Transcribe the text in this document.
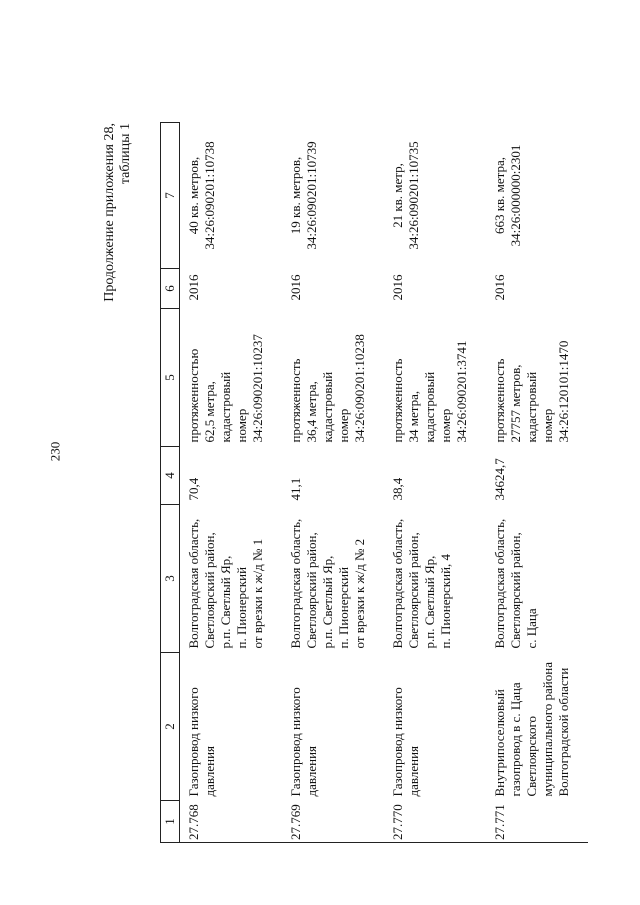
230
Продолжение приложения 28, таблицы 1
1	2	3	4	5	6	7
27.768	Газопровод низкого давления	Волгоградская область, Светлоярский район, р.п. Светлый Яр, п. Пионерский от врезки к ж/д № 1	70,4	протяженностью 62,5 метра, кадастровый номер 34:26:090201:10237	2016	40 кв. метров, 34:26:090201:10738

27.769	Газопровод низкого давления	Волгоградская область, Светлоярский район, р.п. Светлый Яр, п. Пионерский от врезки к ж/д № 2	41,1	протяженность 36,4 метра, кадастровый номер 34:26:090201:10238	2016	19 кв. метров, 34:26:090201:10739

27.770	Газопровод низкого давления	Волгоградская область, Светлоярский район, р.п. Светлый Яр, п. Пионерский, 4	38,4	протяженность 34 метра, кадастровый номер 34:26:090201:3741	2016	21 кв. метр, 34:26:090201:10735

27.771	Внутрипоселковый газопровод в с. Цаца Светлоярского муниципального района Волгоградской области	Волгоградская область, Светлоярский район, с. Цаца	34624,7	протяженность 27757 метров, кадастровый номер 34:26:120101:1470	2016	663 кв. метра, 34:26:000000:2301
